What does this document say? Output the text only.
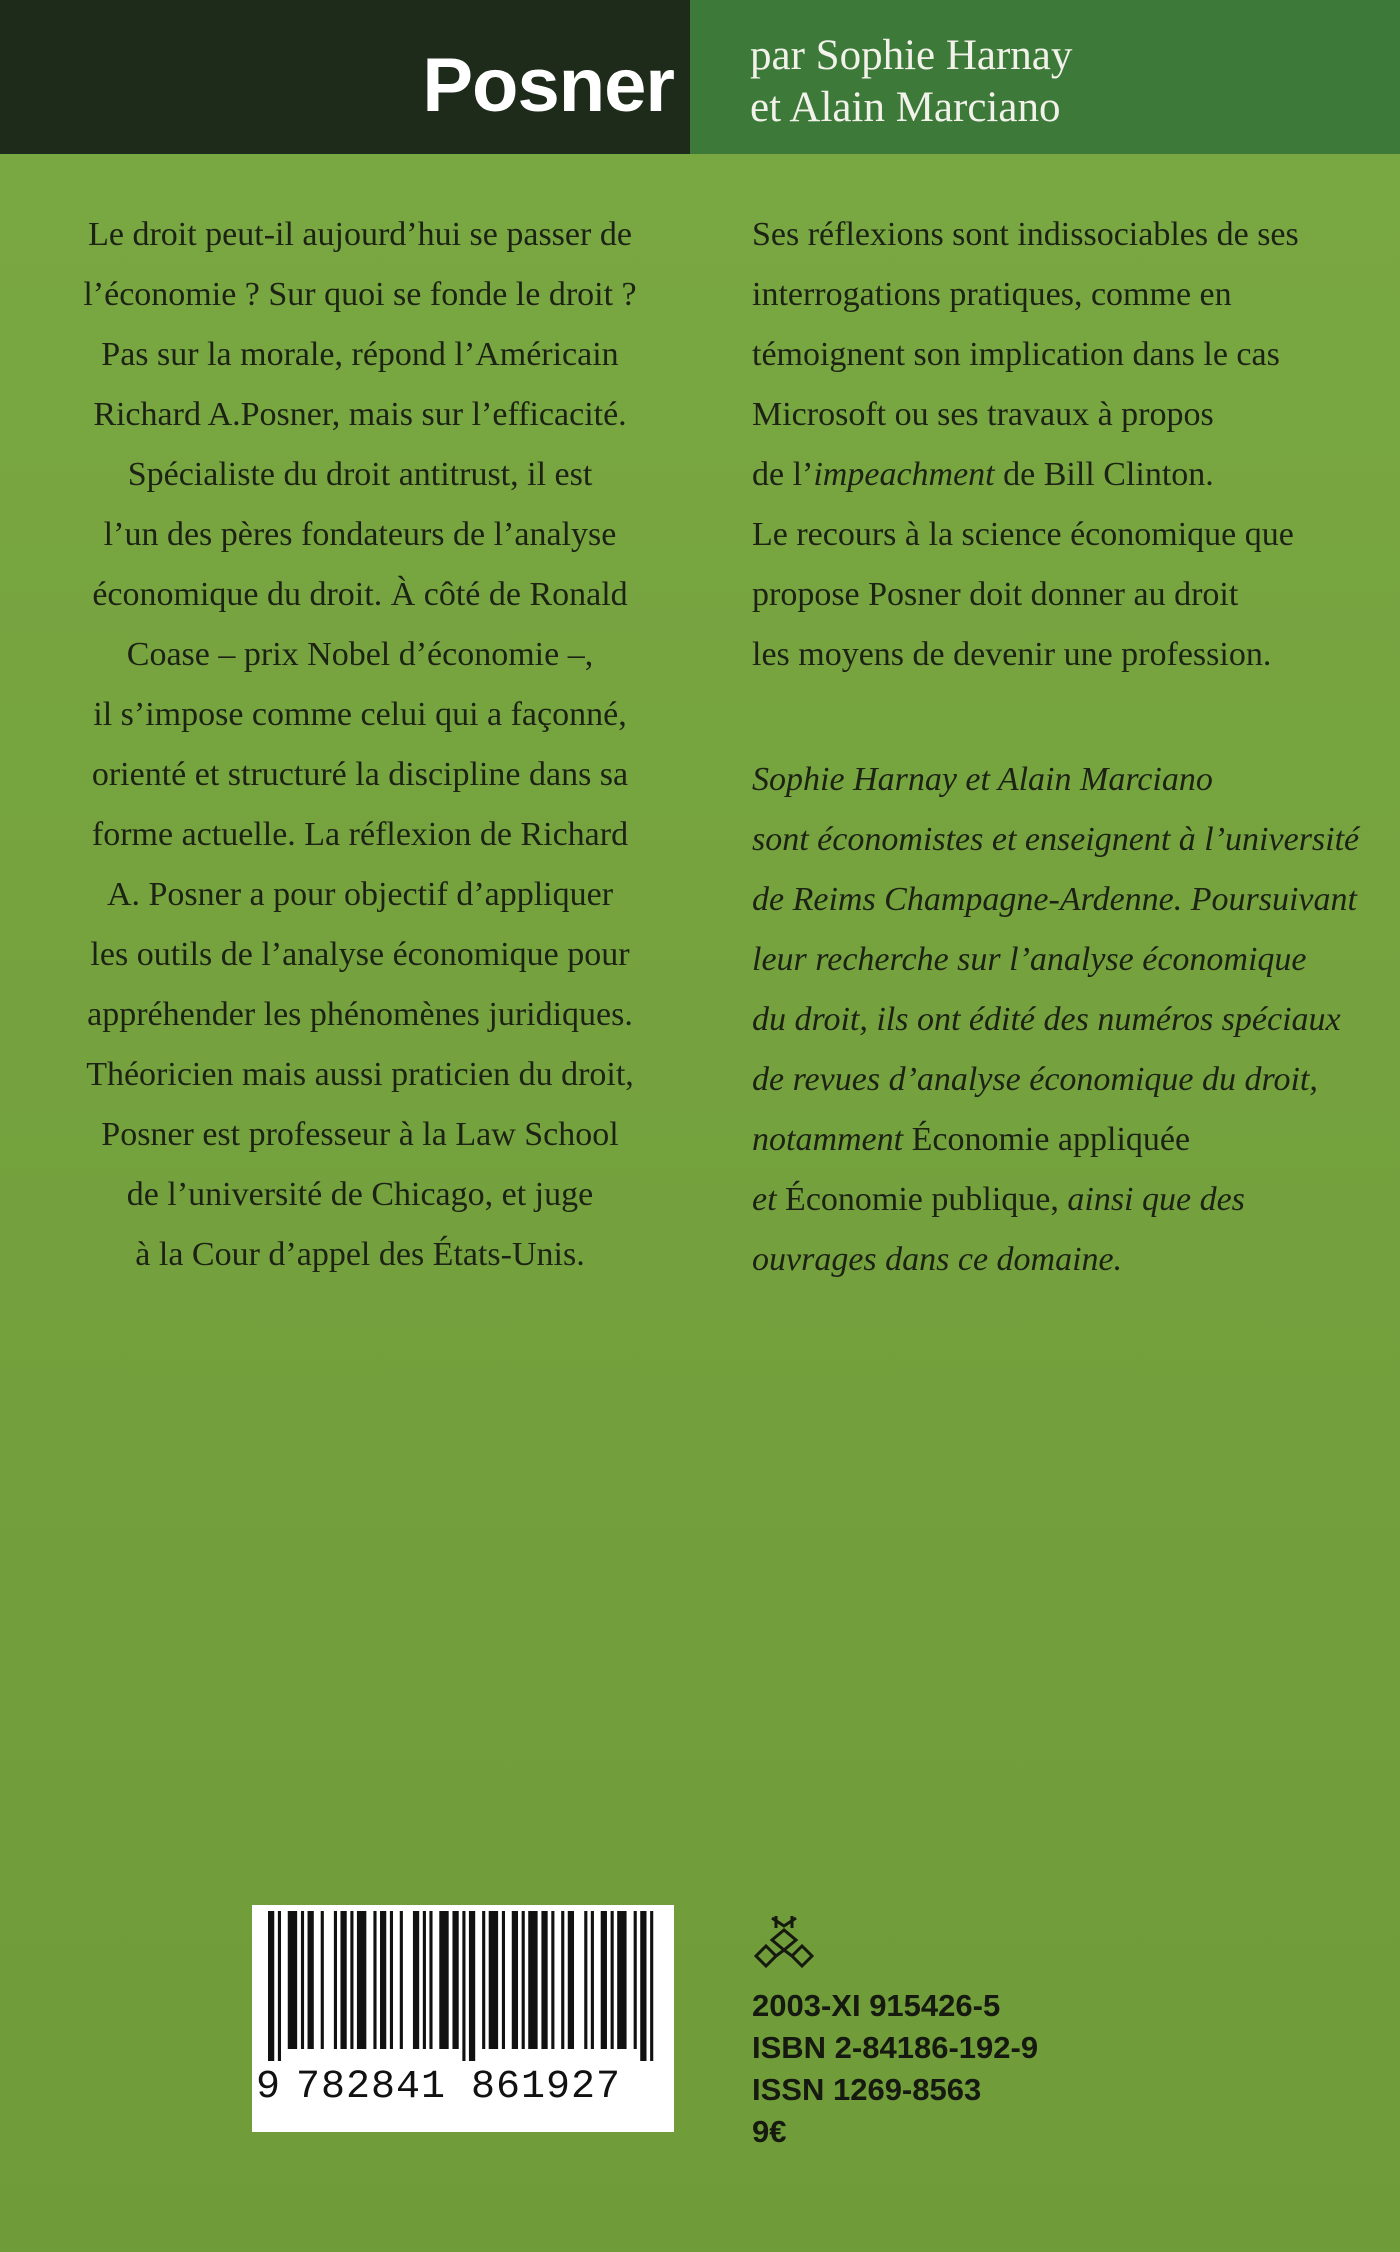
Posner par Sophie Harnay
et Alain Marciano
Le droit peut-il aujourd’hui se passer de
l’économie ? Sur quoi se fonde le droit ?
Pas sur la morale, répond l’Américain
Richard A.Posner, mais sur l’efficacité.
Spécialiste du droit antitrust, il est
l’un des pères fondateurs de l’analyse
économique du droit. À côté de Ronald
Coase – prix Nobel d’économie –,
il s’impose comme celui qui a façonné,
orienté et structuré la discipline dans sa
forme actuelle. La réflexion de Richard
A. Posner a pour objectif d’appliquer
les outils de l’analyse économique pour
appréhender les phénomènes juridiques.
Théoricien mais aussi praticien du droit,
Posner est professeur à la Law School
de l’université de Chicago, et juge
à la Cour d’appel des États-Unis.
Ses réflexions sont indissociables de ses
interrogations pratiques, comme en
témoignent son implication dans le cas
Microsoft ou ses travaux à propos
de l’impeachment de Bill Clinton.
Le recours à la science économique que
propose Posner doit donner au droit
les moyens de devenir une profession.
Sophie Harnay et Alain Marciano
sont économistes et enseignent à l’université
de Reims Champagne-Ardenne. Poursuivant
leur recherche sur l’analyse économique
du droit, ils ont édité des numéros spéciaux
de revues d’analyse économique du droit,
notamment Économie appliquée
et Économie publique, ainsi que des
ouvrages dans ce domaine.
9 782841 861927
2003-XI 915426-5
ISBN 2-84186-192-9
ISSN 1269-8563
9€
